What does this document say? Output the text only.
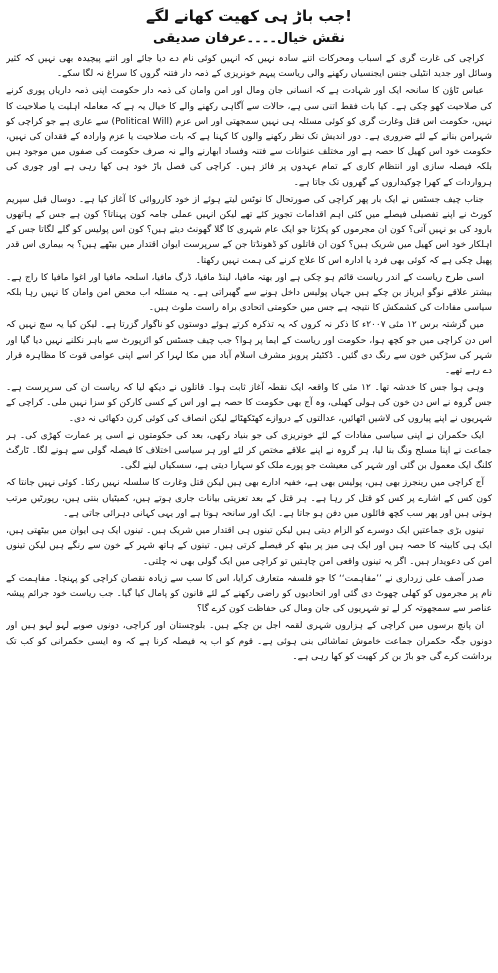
جب باڑ ہی کھیت کھانے لگے!
نقش خیال۔۔۔۔عرفان صدیقی

کراچی کی غارت گری کے اسباب ومحرکات اتنے سادہ نہیں کہ انہیں کوئی نام دے دیا جائے اور اتنے پیچیدہ بھی نہیں کہ کثیر وسائل اور جدید انٹیلی جنس ایجنسیاں رکھنے والی ریاست پیہم خونریزی کے ذمہ دار فتنہ گروں کا سراغ نہ لگا سکے۔

عباس ٹاؤن کا سانحہ ایک اور شہادت ہے کہ انسانی جان ومال اور امن وامان کی ذمہ دار حکومت اپنی ذمہ داریاں پوری کرنے کی صلاحیت کھو چکی ہے۔ کیا بات فقط اتنی سی ہے، حالات سے آگاہی رکھنے والے کا خیال یہ ہے کہ معاملہ اہلیت یا صلاحیت کا نہیں، حکومت اس قتل وغارت گری کو کوئی مسئلہ ہی نہیں سمجھتی اور اس عزم (Political Will) سے عاری ہے جو کراچی کو شہرامن بنانے کے لئے ضروری ہے۔ دور اندیش تک نظر رکھنے والوں کا کہنا ہے کہ بات صلاحیت یا عزم وارادہ کے فقدان کی نہیں، حکومت خود اس کھیل کا حصہ ہے اور مختلف عنوانات سے فتنہ وفساد ابھارنے والے نہ صرف حکومت کی صفوں میں موجود ہیں بلکہ فیصلہ سازی اور انتظام کاری کے تمام عہدوں پر فائز ہیں۔ کراچی کی فصل باڑ خود ہی کھا رہی ہے اور چوری کی ہرواردات کے کھرا چوکیداروں کے گھروں تک جاتا ہے۔

جناب چیف جسٹس نے ایک بار پھر کراچی کی صورتحال کا نوٹس لیتے ہوئے از خود کارروائی کا آغاز کیا ہے۔ دوسال قبل سپریم کورٹ نے اپنے تفصیلی فیصلے میں کئی اہم اقدامات تجویز کئے تھے لیکن انہیں عملی جامہ کون پہناتا؟ کون ہے جس کے ہاتھوں بارود کی بو نہیں آتی؟ کون ان مجرموں کو پکڑتا جو ایک عام شہری کا گلا گھونٹ دیتے ہیں؟ کون اس پولیس کو گلے لگاتا جس کے اہلکار خود اس کھیل میں شریک ہیں؟ کون ان قاتلوں کو ڈھونڈتا جن کے سرپرست ایوان اقتدار میں بیٹھے ہیں؟ یہ بیماری اس قدر پھیل چکی ہے کہ کوئی بھی فرد یا ادارہ اس کا علاج کرنے کی ہمت نہیں رکھتا۔

اسی طرح ریاست کے اندر ریاست قائم ہو چکی ہے اور بھتہ مافیا، لینڈ مافیا، ڈرگ مافیا، اسلحہ مافیا اور اغوا مافیا کا راج ہے۔ بیشتر علاقے نوگو ایریاز بن چکے ہیں جہاں پولیس داخل ہونے سے گھبراتی ہے۔ یہ مسئلہ اب محض امن وامان کا نہیں رہا بلکہ سیاسی مفادات کی کشمکش کا نتیجہ ہے جس میں حکومتی اتحادی براہ راست ملوث ہیں۔

میں گزشتہ برس ۱۲ مئی ۲۰۰۷ء کا ذکر نہ کروں کہ یہ تذکرہ کرتے ہوئے دوستوں کو ناگوار گزرتا ہے۔ لیکن کیا یہ سچ نہیں کہ اس دن کراچی میں جو کچھ ہوا، حکومت اور ریاست کے ایما پر ہوا؟ جب چیف جسٹس کو ائرپورٹ سے باہر نکلنے نہیں دیا گیا اور شہر کی سڑکیں خون سے رنگ دی گئیں۔ ڈکٹیٹر پرویز مشرف اسلام آباد میں مکا لہرا کر اسے اپنی عوامی قوت کا مظاہرہ قرار دے رہے تھے۔

وہی ہوا جس کا خدشہ تھا۔ ۱۲ مئی کا واقعہ ایک نقطہ آغاز ثابت ہوا۔ قاتلوں نے دیکھ لیا کہ ریاست ان کی سرپرست ہے۔ جس گروہ نے اس دن خون کی ہولی کھیلی، وہ آج بھی حکومت کا حصہ ہے اور اس کے کسی کارکن کو سزا نہیں ملی۔ کراچی کے شہریوں نے اپنے پیاروں کی لاشیں اٹھائیں، عدالتوں کے دروازے کھٹکھٹائے لیکن انصاف کی کوئی کرن دکھائی نہ دی۔

ایک حکمران نے اپنی سیاسی مفادات کے لئے خونریزی کی جو بنیاد رکھی، بعد کی حکومتوں نے اسی پر عمارت کھڑی کی۔ ہر جماعت نے اپنا مسلح ونگ بنا لیا، ہر گروہ نے اپنے علاقے مختص کر لئے اور ہر سیاسی اختلاف کا فیصلہ گولی سے ہونے لگا۔ ٹارگٹ کلنگ ایک معمول بن گئی اور شہر کی معیشت جو پورے ملک کو سہارا دیتی ہے، سسکیاں لینے لگی۔

آج کراچی میں رینجرز بھی ہیں، پولیس بھی ہے، خفیہ ادارے بھی ہیں لیکن قتل وغارت کا سلسلہ نہیں رکتا۔ کوئی نہیں جانتا کہ کون کس کے اشارے پر کس کو قتل کر رہا ہے۔ ہر قتل کے بعد تعزیتی بیانات جاری ہوتے ہیں، کمیٹیاں بنتی ہیں، رپورٹیں مرتب ہوتی ہیں اور پھر سب کچھ فائلوں میں دفن ہو جاتا ہے۔ ایک اور سانحہ ہوتا ہے اور یہی کہانی دہرائی جاتی ہے۔

تینوں بڑی جماعتیں ایک دوسرے کو الزام دیتی ہیں لیکن تینوں ہی اقتدار میں شریک ہیں۔ تینوں ایک ہی ایوان میں بیٹھتی ہیں، ایک ہی کابینہ کا حصہ ہیں اور ایک ہی میز پر بیٹھ کر فیصلے کرتی ہیں۔ تینوں کے ہاتھ شہر کے خون سے رنگے ہیں لیکن تینوں امن کی دعویدار ہیں۔ اگر یہ تینوں واقعی امن چاہتیں تو کراچی میں ایک گولی بھی نہ چلتی۔

صدر آصف علی زرداری نے ’’مفاہمت‘‘ کا جو فلسفہ متعارف کرایا، اس کا سب سے زیادہ نقصان کراچی کو پہنچا۔ مفاہمت کے نام پر مجرموں کو کھلی چھوٹ دی گئی اور اتحادیوں کو راضی رکھنے کے لئے قانون کو پامال کیا گیا۔ جب ریاست خود جرائم پیشہ عناصر سے سمجھوتہ کر لے تو شہریوں کی جان ومال کی حفاظت کون کرے گا؟

ان پانچ برسوں میں کراچی کے ہزاروں شہری لقمہ اجل بن چکے ہیں۔ بلوچستان اور کراچی، دونوں صوبے لہو لہو ہیں اور دونوں جگہ حکمران جماعت خاموش تماشائی بنی ہوئی ہے۔ قوم کو اب یہ فیصلہ کرنا ہے کہ وہ ایسی حکمرانی کو کب تک برداشت کرے گی جو باڑ بن کر کھیت کو کھا رہی ہے۔
